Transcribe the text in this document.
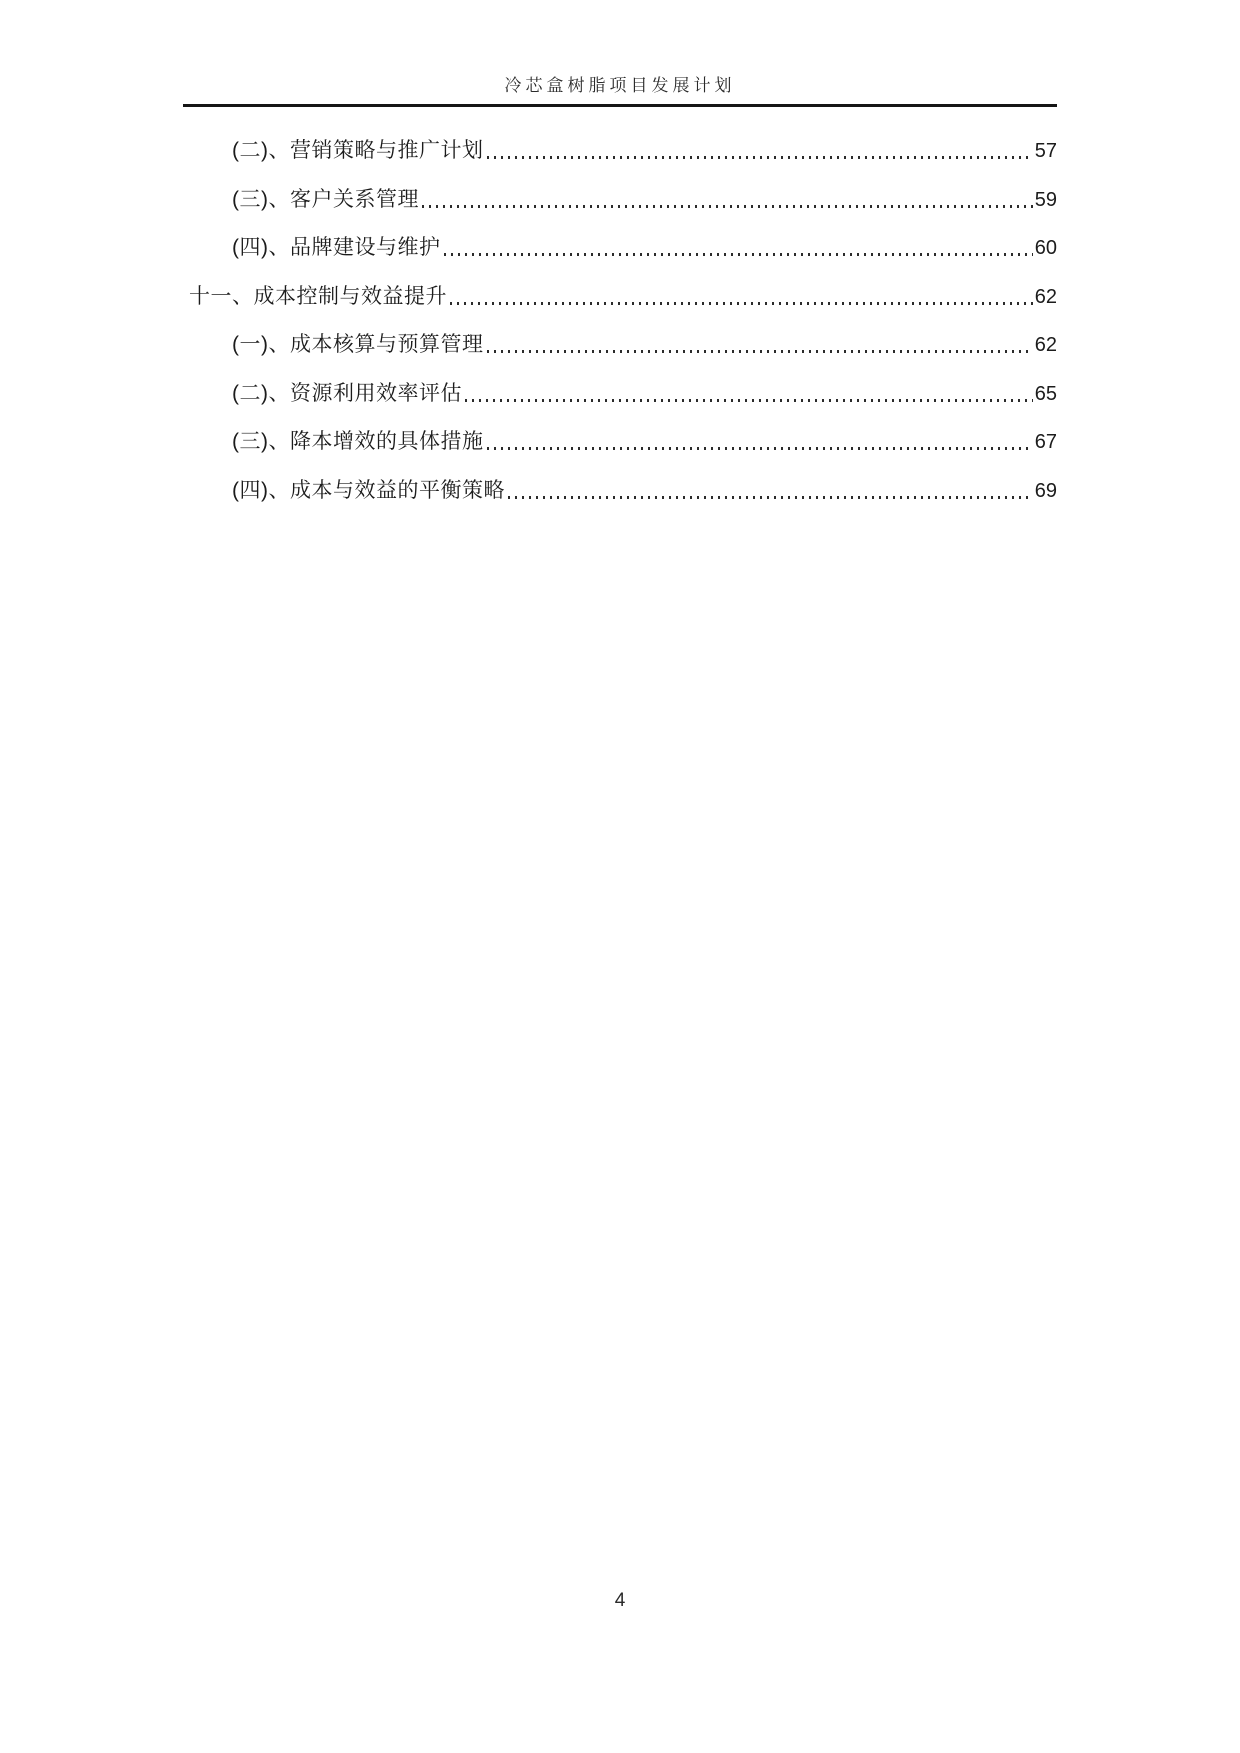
冷芯盒树脂项目发展计划
(二)、营销策略与推广计划	57
(三)、客户关系管理	59
(四)、品牌建设与维护	60
十一、成本控制与效益提升	62
(一)、成本核算与预算管理	62
(二)、资源利用效率评估	65
(三)、降本增效的具体措施	67
(四)、成本与效益的平衡策略	69
4
